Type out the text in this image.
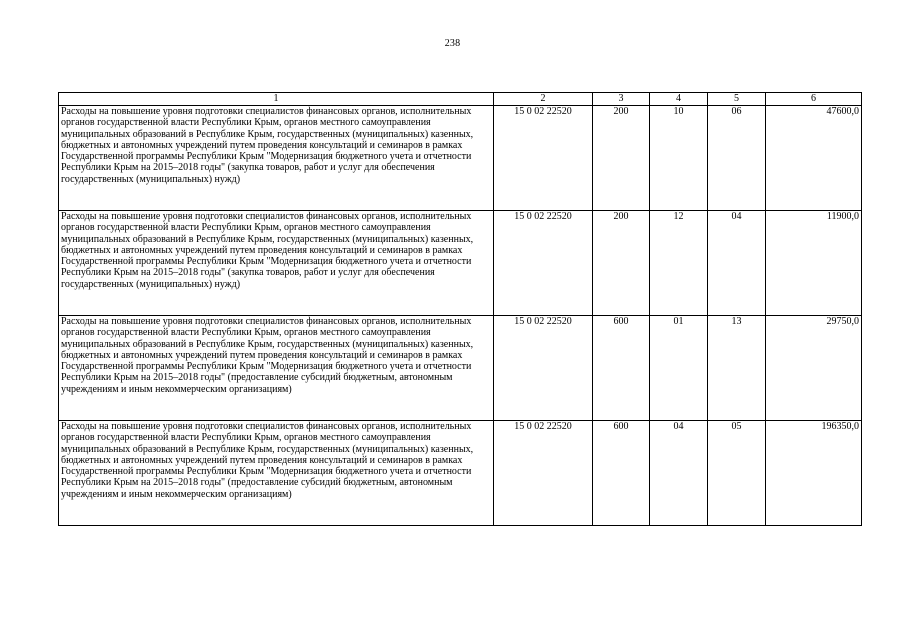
238
1	2	3	4	5	6
Расходы на повышение уровня подготовки специалистов финансовых органов, исполнительных органов государственной власти Республики Крым, органов местного самоуправления муниципальных образований в Республике Крым, государственных (муниципальных) казенных, бюджетных и автономных учреждений путем проведения консультаций и семинаров в рамках Государственной программы Республики Крым "Модернизация бюджетного учета и отчетности Республики Крым на 2015–2018 годы" (закупка товаров, работ и услуг для обеспечения государственных (муниципальных) нужд)	15 0 02 22520	200	10	06	47600,0
Расходы на повышение уровня подготовки специалистов финансовых органов, исполнительных органов государственной власти Республики Крым, органов местного самоуправления муниципальных образований в Республике Крым, государственных (муниципальных) казенных, бюджетных и автономных учреждений путем проведения консультаций и семинаров в рамках Государственной программы Республики Крым "Модернизация бюджетного учета и отчетности Республики Крым на 2015–2018 годы" (закупка товаров, работ и услуг для обеспечения государственных (муниципальных) нужд)	15 0 02 22520	200	12	04	11900,0
Расходы на повышение уровня подготовки специалистов финансовых органов, исполнительных органов государственной власти Республики Крым, органов местного самоуправления муниципальных образований в Республике Крым, государственных (муниципальных) казенных, бюджетных и автономных учреждений путем проведения консультаций и семинаров в рамках Государственной программы Республики Крым "Модернизация бюджетного учета и отчетности Республики Крым на 2015–2018 годы" (предоставление субсидий бюджетным, автономным учреждениям и иным некоммерческим организациям)	15 0 02 22520	600	01	13	29750,0
Расходы на повышение уровня подготовки специалистов финансовых органов, исполнительных органов государственной власти Республики Крым, органов местного самоуправления муниципальных образований в Республике Крым, государственных (муниципальных) казенных, бюджетных и автономных учреждений путем проведения консультаций и семинаров в рамках Государственной программы Республики Крым "Модернизация бюджетного учета и отчетности Республики Крым на 2015–2018 годы" (предоставление субсидий бюджетным, автономным учреждениям и иным некоммерческим организациям)	15 0 02 22520	600	04	05	196350,0
